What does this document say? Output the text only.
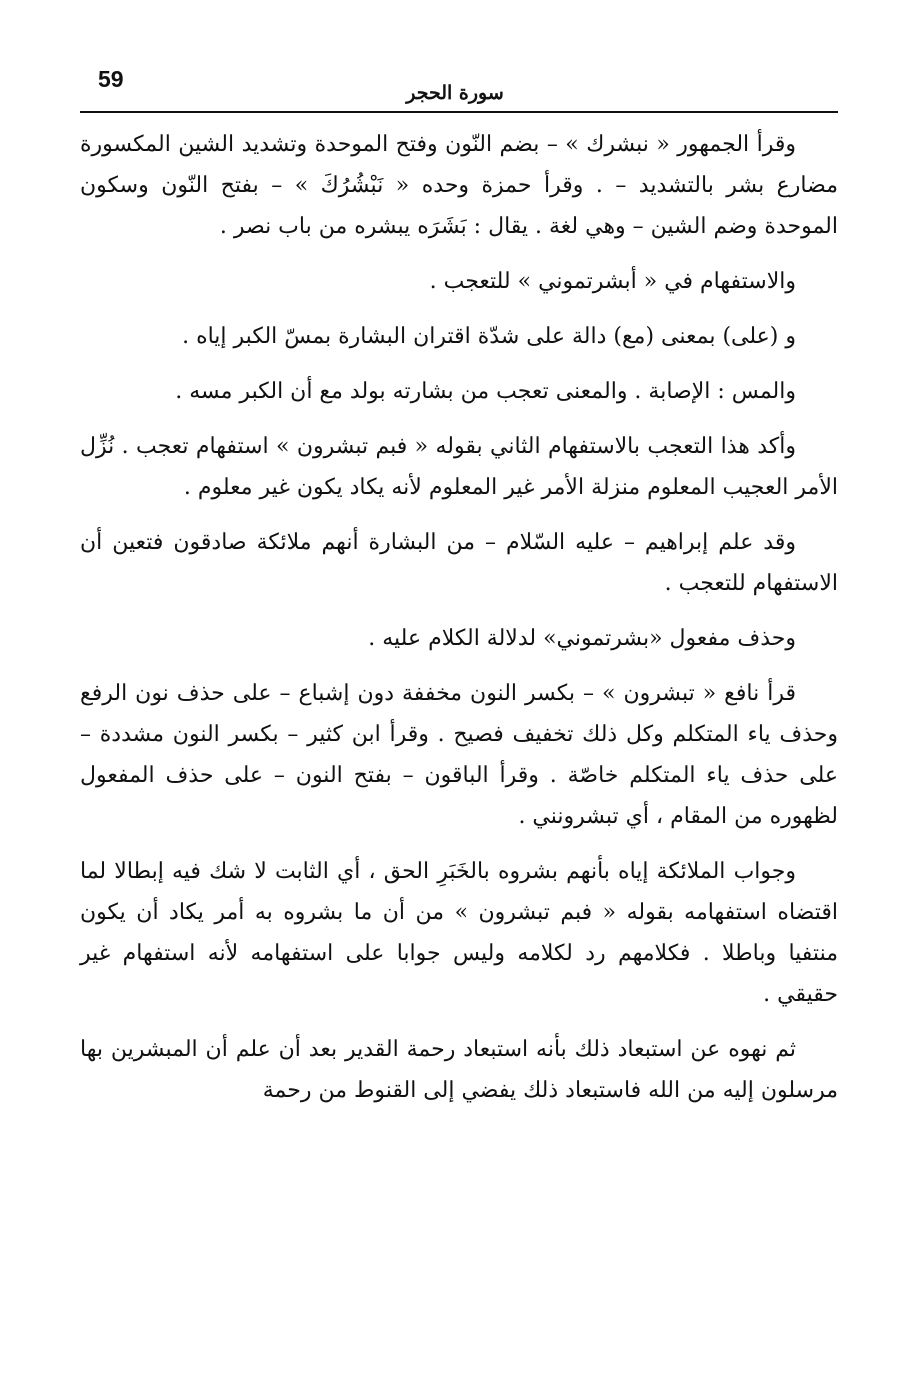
59
سورة الحجر

وقرأ الجمهور « نبشرك » – بضم النّون وفتح الموحدة وتشديد الشين المكسورة مضارع بشر بالتشديد – . وقرأ حمزة وحده « نَبْشُرُكَ » – بفتح النّون وسكون الموحدة وضم الشين – وهي لغة . يقال : بَشَرَه يبشره من باب نصر .

والاستفهام في « أبشرتموني » للتعجب .

و (على) بمعنى (مع) دالة على شدّة اقتران البشارة بمسّ الكبر إياه .

والمس : الإصابة . والمعنى تعجب من بشارته بولد مع أن الكبر مسه .

وأكد هذا التعجب بالاستفهام الثاني بقوله « فبم تبشرون » استفهام تعجب . نُزِّل الأمر العجيب المعلوم منزلة الأمر غير المعلوم لأنه يكاد يكون غير معلوم .

وقد علم إبراهيم – عليه السّلام – من البشارة أنهم ملائكة صادقون فتعين أن الاستفهام للتعجب .

وحذف مفعول «بشرتموني» لدلالة الكلام عليه .

قرأ نافع « تبشرون » – بكسر النون مخففة دون إشباع – على حذف نون الرفع وحذف ياء المتكلم وكل ذلك تخفيف فصيح . وقرأ ابن كثير – بكسر النون مشددة – على حذف ياء المتكلم خاصّة . وقرأ الباقون – بفتح النون – على حذف المفعول لظهوره من المقام ، أي تبشرونني .

وجواب الملائكة إياه بأنهم بشروه بالخَبَرِ الحق ، أي الثابت لا شك فيه إبطالا لما اقتضاه استفهامه بقوله « فبم تبشرون » من أن ما بشروه به أمر يكاد أن يكون منتفيا وباطلا . فكلامهم رد لكلامه وليس جوابا على استفهامه لأنه استفهام غير حقيقي .

ثم نهوه عن استبعاد ذلك بأنه استبعاد رحمة القدير بعد أن علم أن المبشرين بها مرسلون إليه من الله فاستبعاد ذلك يفضي إلى القنوط من رحمة
